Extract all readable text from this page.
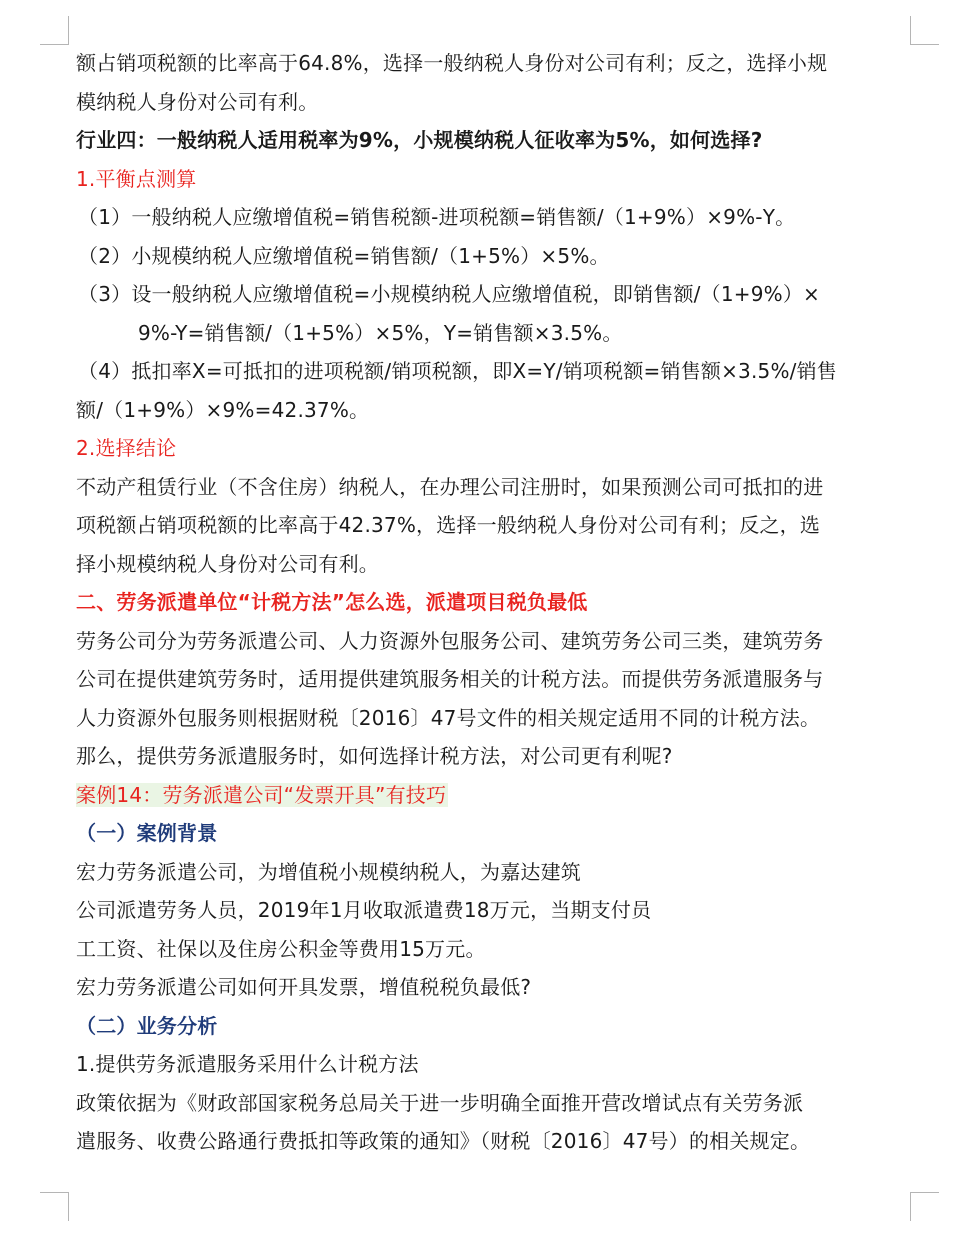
额占销项税额的比率高于64.8%，选择一般纳税人身份对公司有利；反之，选择小规

模纳税人身份对公司有利。

行业四：一般纳税人适用税率为9%，小规模纳税人征收率为5%，如何选择?

1.平衡点测算

（1）一般纳税人应缴增值税=销售税额-进项税额=销售额/（1+9%）×9%-Y。

（2）小规模纳税人应缴增值税=销售额/（1+5%）×5%。

（3）设一般纳税人应缴增值税=小规模纳税人应缴增值税，即销售额/（1+9%）×

9%-Y=销售额/（1+5%）×5%，Y=销售额×3.5%。

（4）抵扣率X=可抵扣的进项税额/销项税额，即X=Y/销项税额=销售额×3.5%/销售

额/（1+9%）×9%=42.37%。

2.选择结论

不动产租赁行业（不含住房）纳税人，在办理公司注册时，如果预测公司可抵扣的进

项税额占销项税额的比率高于42.37%，选择一般纳税人身份对公司有利；反之，选

择小规模纳税人身份对公司有利。

二、劳务派遣单位“计税方法”怎么选，派遣项目税负最低

劳务公司分为劳务派遣公司、人力资源外包服务公司、建筑劳务公司三类，建筑劳务

公司在提供建筑劳务时，适用提供建筑服务相关的计税方法。而提供劳务派遣服务与

人力资源外包服务则根据财税〔2016〕47号文件的相关规定适用不同的计税方法。

那么，提供劳务派遣服务时，如何选择计税方法，对公司更有利呢?

案例14：劳务派遣公司“发票开具”有技巧

（一）案例背景

宏力劳务派遣公司，为增值税小规模纳税人，为嘉达建筑

公司派遣劳务人员，2019年1月收取派遣费18万元，当期支付员

工工资、社保以及住房公积金等费用15万元。

宏力劳务派遣公司如何开具发票，增值税税负最低?

（二）业务分析

1.提供劳务派遣服务采用什么计税方法

政策依据为《财政部国家税务总局关于进一步明确全面推开营改增试点有关劳务派

遣服务、收费公路通行费抵扣等政策的通知》（财税〔2016〕47号）的相关规定。
